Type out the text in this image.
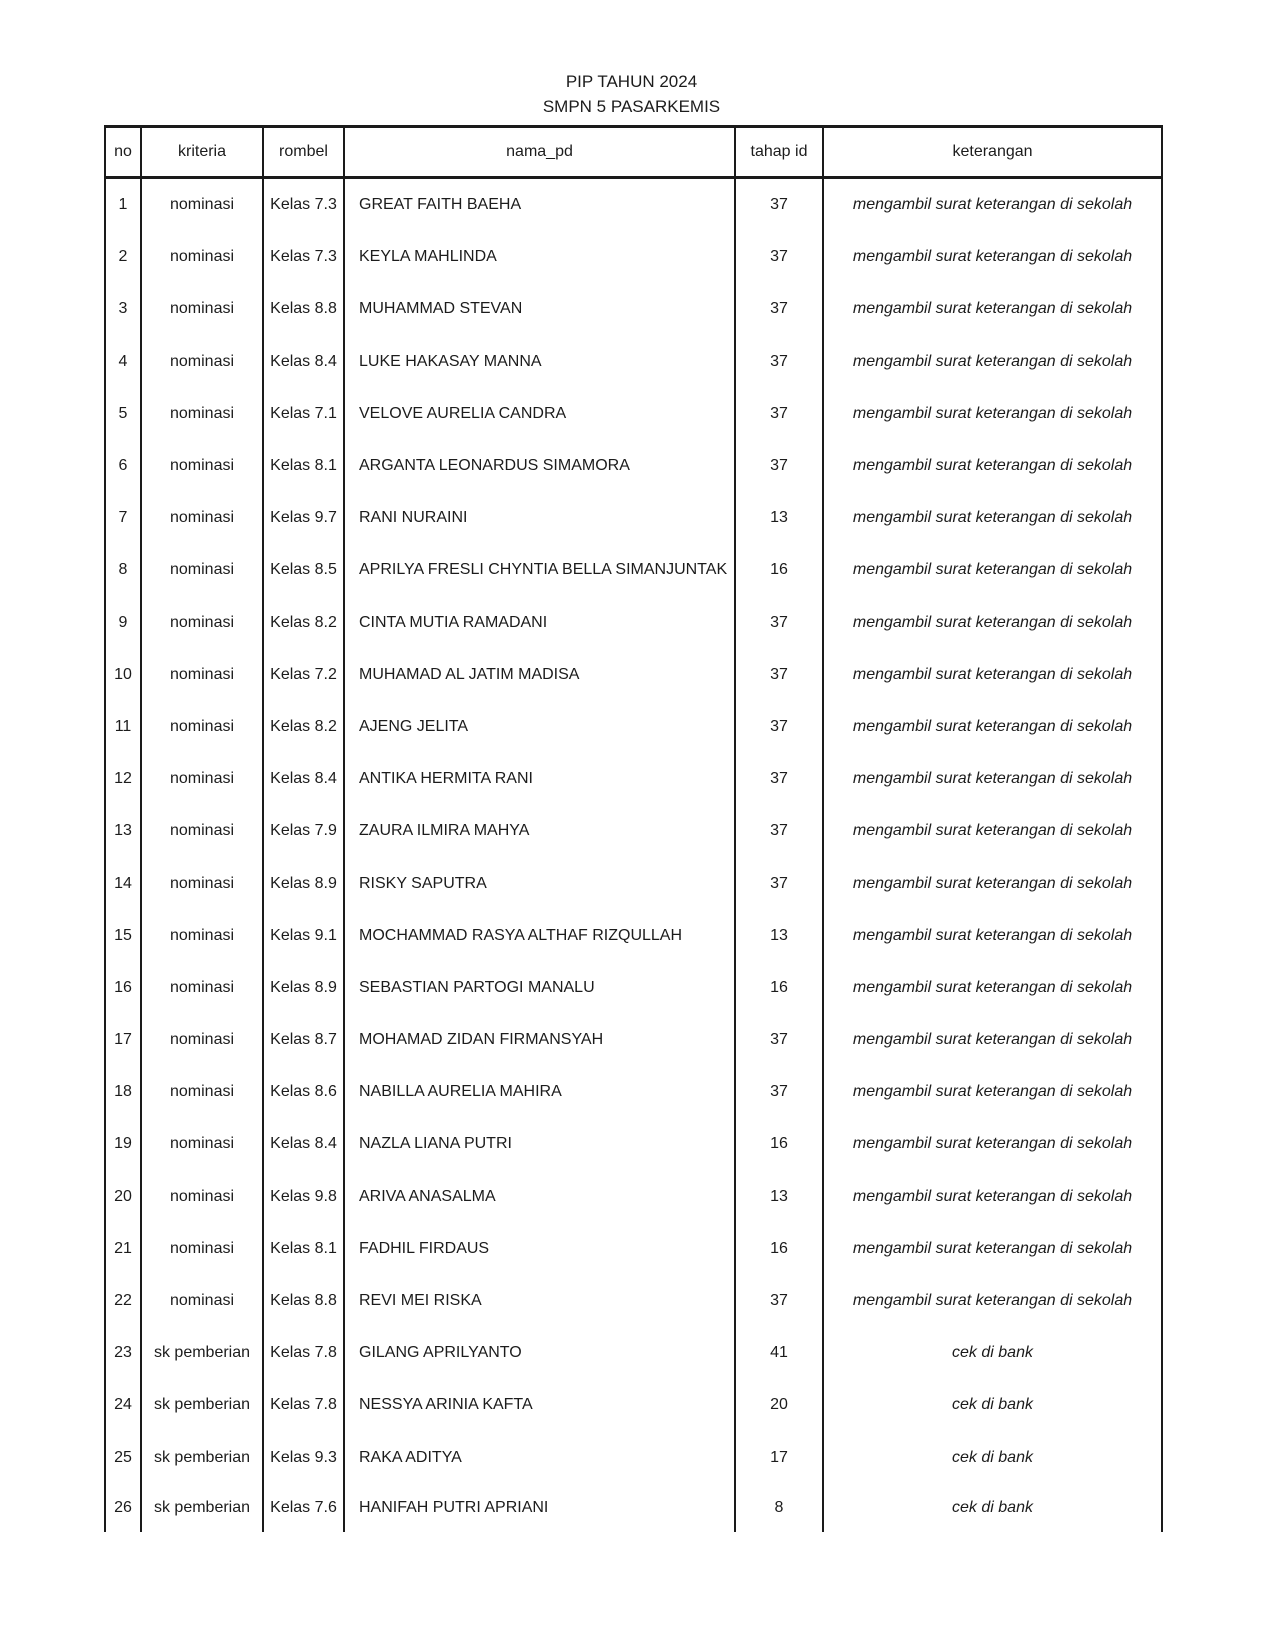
PIP TAHUN 2024
SMPN 5 PASARKEMIS
no	kriteria	rombel	nama_pd	tahap id	keterangan
1	nominasi	Kelas 7.3	GREAT FAITH BAEHA	37	mengambil surat keterangan di sekolah
2	nominasi	Kelas 7.3	KEYLA MAHLINDA	37	mengambil surat keterangan di sekolah
3	nominasi	Kelas 8.8	MUHAMMAD STEVAN	37	mengambil surat keterangan di sekolah
4	nominasi	Kelas 8.4	LUKE HAKASAY MANNA	37	mengambil surat keterangan di sekolah
5	nominasi	Kelas 7.1	VELOVE AURELIA CANDRA	37	mengambil surat keterangan di sekolah
6	nominasi	Kelas 8.1	ARGANTA LEONARDUS SIMAMORA	37	mengambil surat keterangan di sekolah
7	nominasi	Kelas 9.7	RANI NURAINI	13	mengambil surat keterangan di sekolah
8	nominasi	Kelas 8.5	APRILYA FRESLI CHYNTIA BELLA SIMANJUNTAK	16	mengambil surat keterangan di sekolah
9	nominasi	Kelas 8.2	CINTA MUTIA RAMADANI	37	mengambil surat keterangan di sekolah
10	nominasi	Kelas 7.2	MUHAMAD AL JATIM MADISA	37	mengambil surat keterangan di sekolah
11	nominasi	Kelas 8.2	AJENG JELITA	37	mengambil surat keterangan di sekolah
12	nominasi	Kelas 8.4	ANTIKA HERMITA RANI	37	mengambil surat keterangan di sekolah
13	nominasi	Kelas 7.9	ZAURA ILMIRA MAHYA	37	mengambil surat keterangan di sekolah
14	nominasi	Kelas 8.9	RISKY SAPUTRA	37	mengambil surat keterangan di sekolah
15	nominasi	Kelas 9.1	MOCHAMMAD RASYA ALTHAF RIZQULLAH	13	mengambil surat keterangan di sekolah
16	nominasi	Kelas 8.9	SEBASTIAN PARTOGI MANALU	16	mengambil surat keterangan di sekolah
17	nominasi	Kelas 8.7	MOHAMAD ZIDAN FIRMANSYAH	37	mengambil surat keterangan di sekolah
18	nominasi	Kelas 8.6	NABILLA AURELIA MAHIRA	37	mengambil surat keterangan di sekolah
19	nominasi	Kelas 8.4	NAZLA LIANA PUTRI	16	mengambil surat keterangan di sekolah
20	nominasi	Kelas 9.8	ARIVA ANASALMA	13	mengambil surat keterangan di sekolah
21	nominasi	Kelas 8.1	FADHIL FIRDAUS	16	mengambil surat keterangan di sekolah
22	nominasi	Kelas 8.8	REVI MEI RISKA	37	mengambil surat keterangan di sekolah
23	sk pemberian	Kelas 7.8	GILANG APRILYANTO	41	cek di bank
24	sk pemberian	Kelas 7.8	NESSYA ARINIA KAFTA	20	cek di bank
25	sk pemberian	Kelas 9.3	RAKA ADITYA	17	cek di bank
26	sk pemberian	Kelas 7.6	HANIFAH PUTRI APRIANI	8	cek di bank
